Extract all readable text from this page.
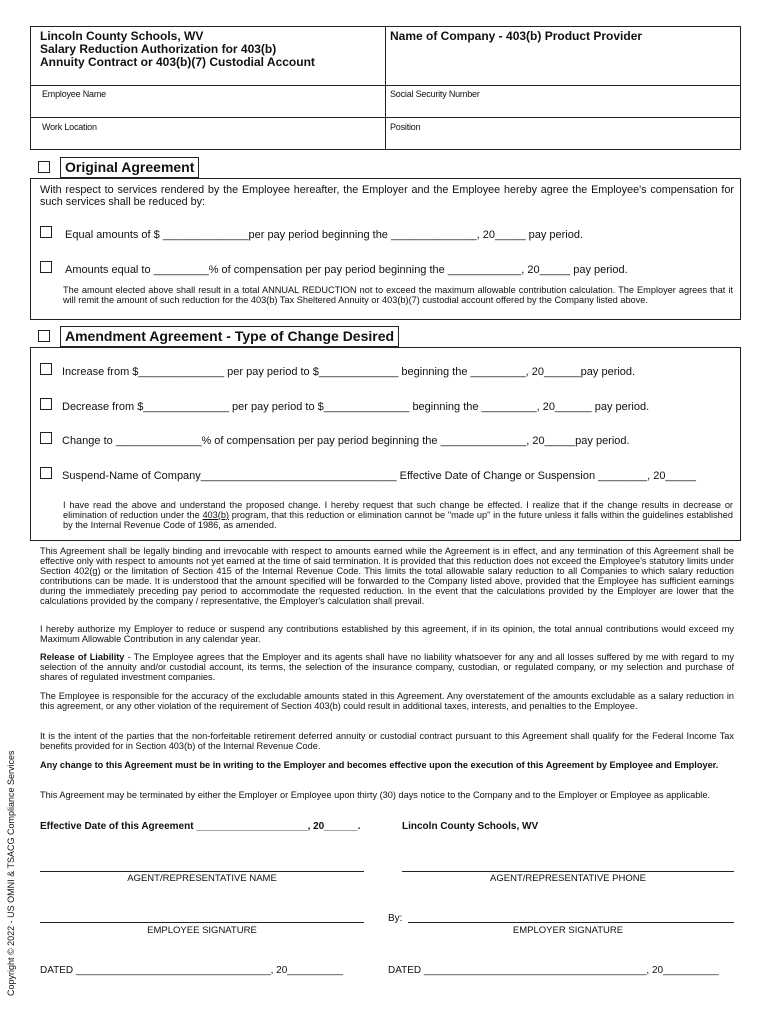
Lincoln County Schools, WV
Salary Reduction Authorization for 403(b)
Annuity Contract or 403(b)(7) Custodial Account
Name of Company - 403(b) Product Provider
Employee Name	Social Security Number
Work Location	Position
Original Agreement
With respect to services rendered by the Employee hereafter, the Employer and the Employee hereby agree the Employee's compensation for such services shall be reduced by:
Equal amounts of $ ______________per pay period beginning the ______________, 20_____ pay period.
Amounts equal to _________% of compensation per pay period beginning the ____________, 20_____ pay period.
The amount elected above shall result in a total ANNUAL REDUCTION not to exceed the maximum allowable contribution calculation. The Employer agrees that it will remit the amount of such reduction for the 403(b) Tax Sheltered Annuity or 403(b)(7) custodial account offered by the Company listed above.
Amendment Agreement - Type of Change Desired
Increase from $______________ per pay period to $_____________ beginning the _________, 20______pay period.
Decrease from $______________ per pay period to $______________ beginning the _________, 20______ pay period.
Change to ______________% of compensation per pay period beginning the ______________, 20_____pay period.
Suspend-Name of Company________________________________ Effective Date of Change or Suspension ________, 20_____
I have read the above and understand the proposed change. I hereby request that such change be effected. I realize that if the change results in decrease or elimination of reduction under the 403(b) program, that this reduction or elimination cannot be "made up" in the future unless it falls within the guidelines established by the Internal Revenue Code of 1986, as amended.
This Agreement shall be legally binding and irrevocable with respect to amounts earned while the Agreement is in effect, and any termination of this Agreement shall be effective only with respect to amounts not yet earned at the time of said termination. It is provided that this reduction does not exceed the Employee's statutory limits under Section 402(g) or the limitation of Section 415 of the Internal Revenue Code. This limits the total allowable salary reduction to all Companies to which salary reduction contributions can be made. It is understood that the amount specified will be forwarded to the Company listed above, provided that the Employee has sufficient earnings during the immediately preceding pay period to accommodate the requested reduction. In the event that the calculations provided by the Employer are lower that the calculations provided by the company / representative, the Employer's calculation shall prevail.
I hereby authorize my Employer to reduce or suspend any contributions established by this agreement, if in its opinion, the total annual contributions would exceed my Maximum Allowable Contribution in any calendar year.
Release of Liability - The Employee agrees that the Employer and its agents shall have no liability whatsoever for any and all losses suffered by me with regard to my selection of the annuity and/or custodial account, its terms, the selection of the insurance company, custodian, or regulated company, or my selection and purchase of shares of regulated investment companies.
The Employee is responsible for the accuracy of the excludable amounts stated in this Agreement. Any overstatement of the amounts excludable as a salary reduction in this agreement, or any other violation of the requirement of Section 403(b) could result in additional taxes, interests, and penalties to the Employee.
It is the intent of the parties that the non-forfeitable retirement deferred annuity or custodial contract pursuant to this Agreement shall qualify for the Federal Income Tax benefits provided for in Section 403(b) of the Internal Revenue Code.
Any change to this Agreement must be in writing to the Employer and becomes effective upon the execution of this Agreement by Employee and Employer.
This Agreement may be terminated by either the Employer or Employee upon thirty (30) days notice to the Company and to the Employer or Employee as applicable.
Effective Date of this Agreement ____________________, 20______.	Lincoln County Schools, WV
AGENT/REPRESENTATIVE NAME	AGENT/REPRESENTATIVE PHONE
EMPLOYEE SIGNATURE
By:
EMPLOYER SIGNATURE
DATED ___________________________________, 20__________	DATED ________________________________________, 20__________
Copyright © 2022 - US OMNI & TSACG Compliance Services
